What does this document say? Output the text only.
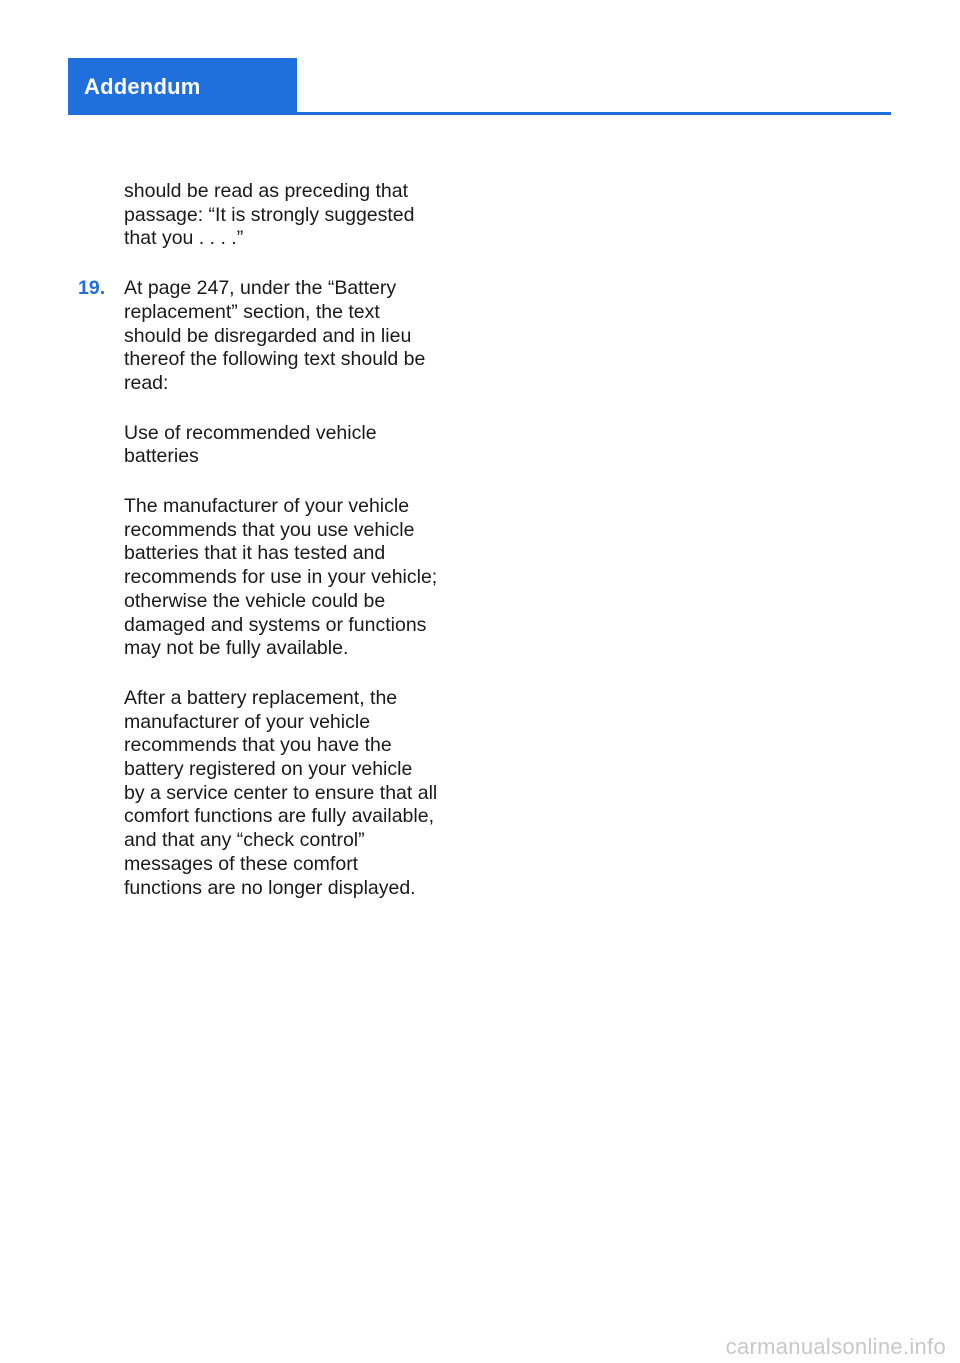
Addendum

should be read as preceding that
passage: “It is strongly suggested
that you . . . .”

19. At page 247, under the “Battery
replacement” section, the text
should be disregarded and in lieu
thereof the following text should be
read:

Use of recommended vehicle
batteries

The manufacturer of your vehicle
recommends that you use vehicle
batteries that it has tested and
recommends for use in your vehicle;
otherwise the vehicle could be
damaged and systems or functions
may not be fully available.

After a battery replacement, the
manufacturer of your vehicle
recommends that you have the
battery registered on your vehicle
by a service center to ensure that all
comfort functions are fully available,
and that any “check control”
messages of these comfort
functions are no longer displayed.

carmanualsonline.info
